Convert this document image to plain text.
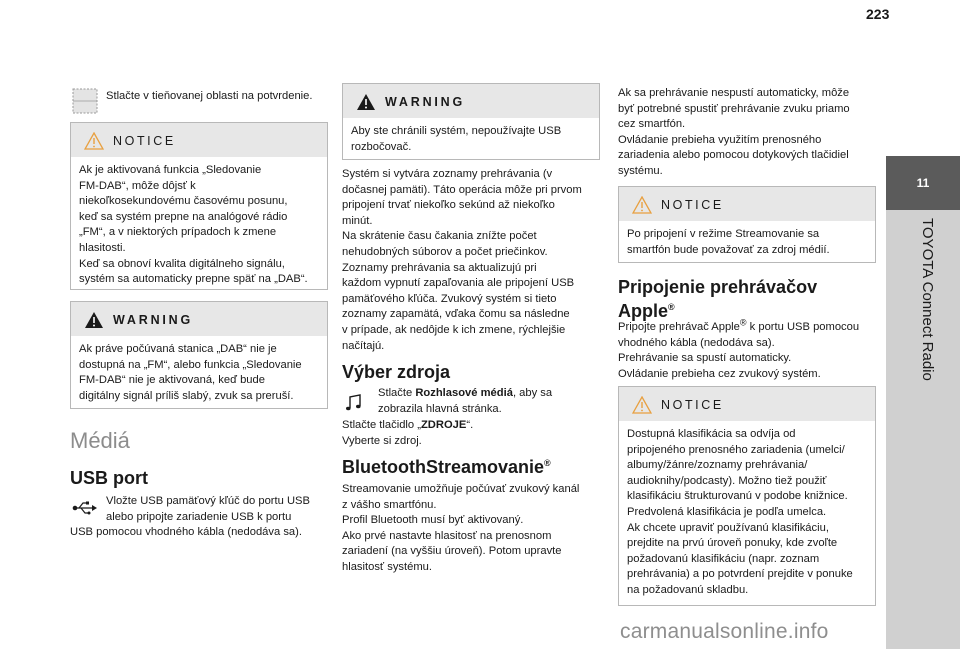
223

Stlačte v tieňovanej oblasti na potvrdenie.

NOTICE

Ak je aktivovaná funkcia „Sledovanie

FM-DAB“, môže dôjsť k

niekoľkosekundovému časovému posunu,

keď sa systém prepne na analógové rádio

„FM“, a v niektorých prípadoch k zmene

hlasitosti.

Keď sa obnoví kvalita digitálneho signálu,

systém sa automaticky prepne späť na „DAB“.

WARNING

Ak práve počúvaná stanica „DAB“ nie je

dostupná na „FM“, alebo funkcia „Sledovanie

FM-DAB“ nie je aktivovaná, keď bude

digitálny signál príliš slabý, zvuk sa preruší.

Médiá
USB port

Vložte USB pamäťový kľúč do portu USB

alebo pripojte zariadenie USB k portu

USB pomocou vhodného kábla (nedodáva sa).

WARNING

Aby ste chránili systém, nepoužívajte USB

rozbočovač.

Systém si vytvára zoznamy prehrávania (v

dočasnej pamäti). Táto operácia môže pri prvom

pripojení trvať niekoľko sekúnd až niekoľko

minút.

Na skrátenie času čakania znížte počet

nehudobných súborov a počet priečinkov.

Zoznamy prehrávania sa aktualizujú pri

každom vypnutí zapaľovania ale pripojení USB

pamäťového kľúča. Zvukový systém si tieto

zoznamy zapamätá, vďaka čomu sa následne

v prípade, ak nedôjde k ich zmene, rýchlejšie

načítajú.

Výber zdroja

Stlačte Rozhlasové médiá, aby sa

zobrazila hlavná stránka.

Stlačte tlačidlo „ZDROJE“.

Vyberte si zdroj.

BluetoothStreamovanie®

Streamovanie umožňuje počúvať zvukový kanál

z vášho smartfónu.

Profil Bluetooth musí byť aktivovaný.

Ako prvé nastavte hlasitosť na prenosnom

zariadení (na vyššiu úroveň). Potom upravte

hlasitosť systému.

Ak sa prehrávanie nespustí automaticky, môže

byť potrebné spustiť prehrávanie zvuku priamo

cez smartfón.

Ovládanie prebieha využitím prenosného

zariadenia alebo pomocou dotykových tlačidiel

systému.

NOTICE

Po pripojení v režime Streamovanie sa

smartfón bude považovať za zdroj médií.

Pripojenie prehrávačov
Apple®

Pripojte prehrávač Apple® k portu USB pomocou

vhodného kábla (nedodáva sa).

Prehrávanie sa spustí automaticky.

Ovládanie prebieha cez zvukový systém.

NOTICE

Dostupná klasifikácia sa odvíja od

pripojeného prenosného zariadenia (umelci/

albumy/žánre/zoznamy prehrávania/

audioknihy/podcasty). Možno tiež použiť

klasifikáciu štrukturovanú v podobe knižnice.

Predvolená klasifikácia je podľa umelca.

Ak chcete upraviť používanú klasifikáciu,

prejdite na prvú úroveň ponuky, kde zvoľte

požadovanú klasifikáciu (napr. zoznam

prehrávania) a po potvrdení prejdite v ponuke

na požadovanú skladbu.

11
TOYOTA Connect Radio
carmanualsonline.info
